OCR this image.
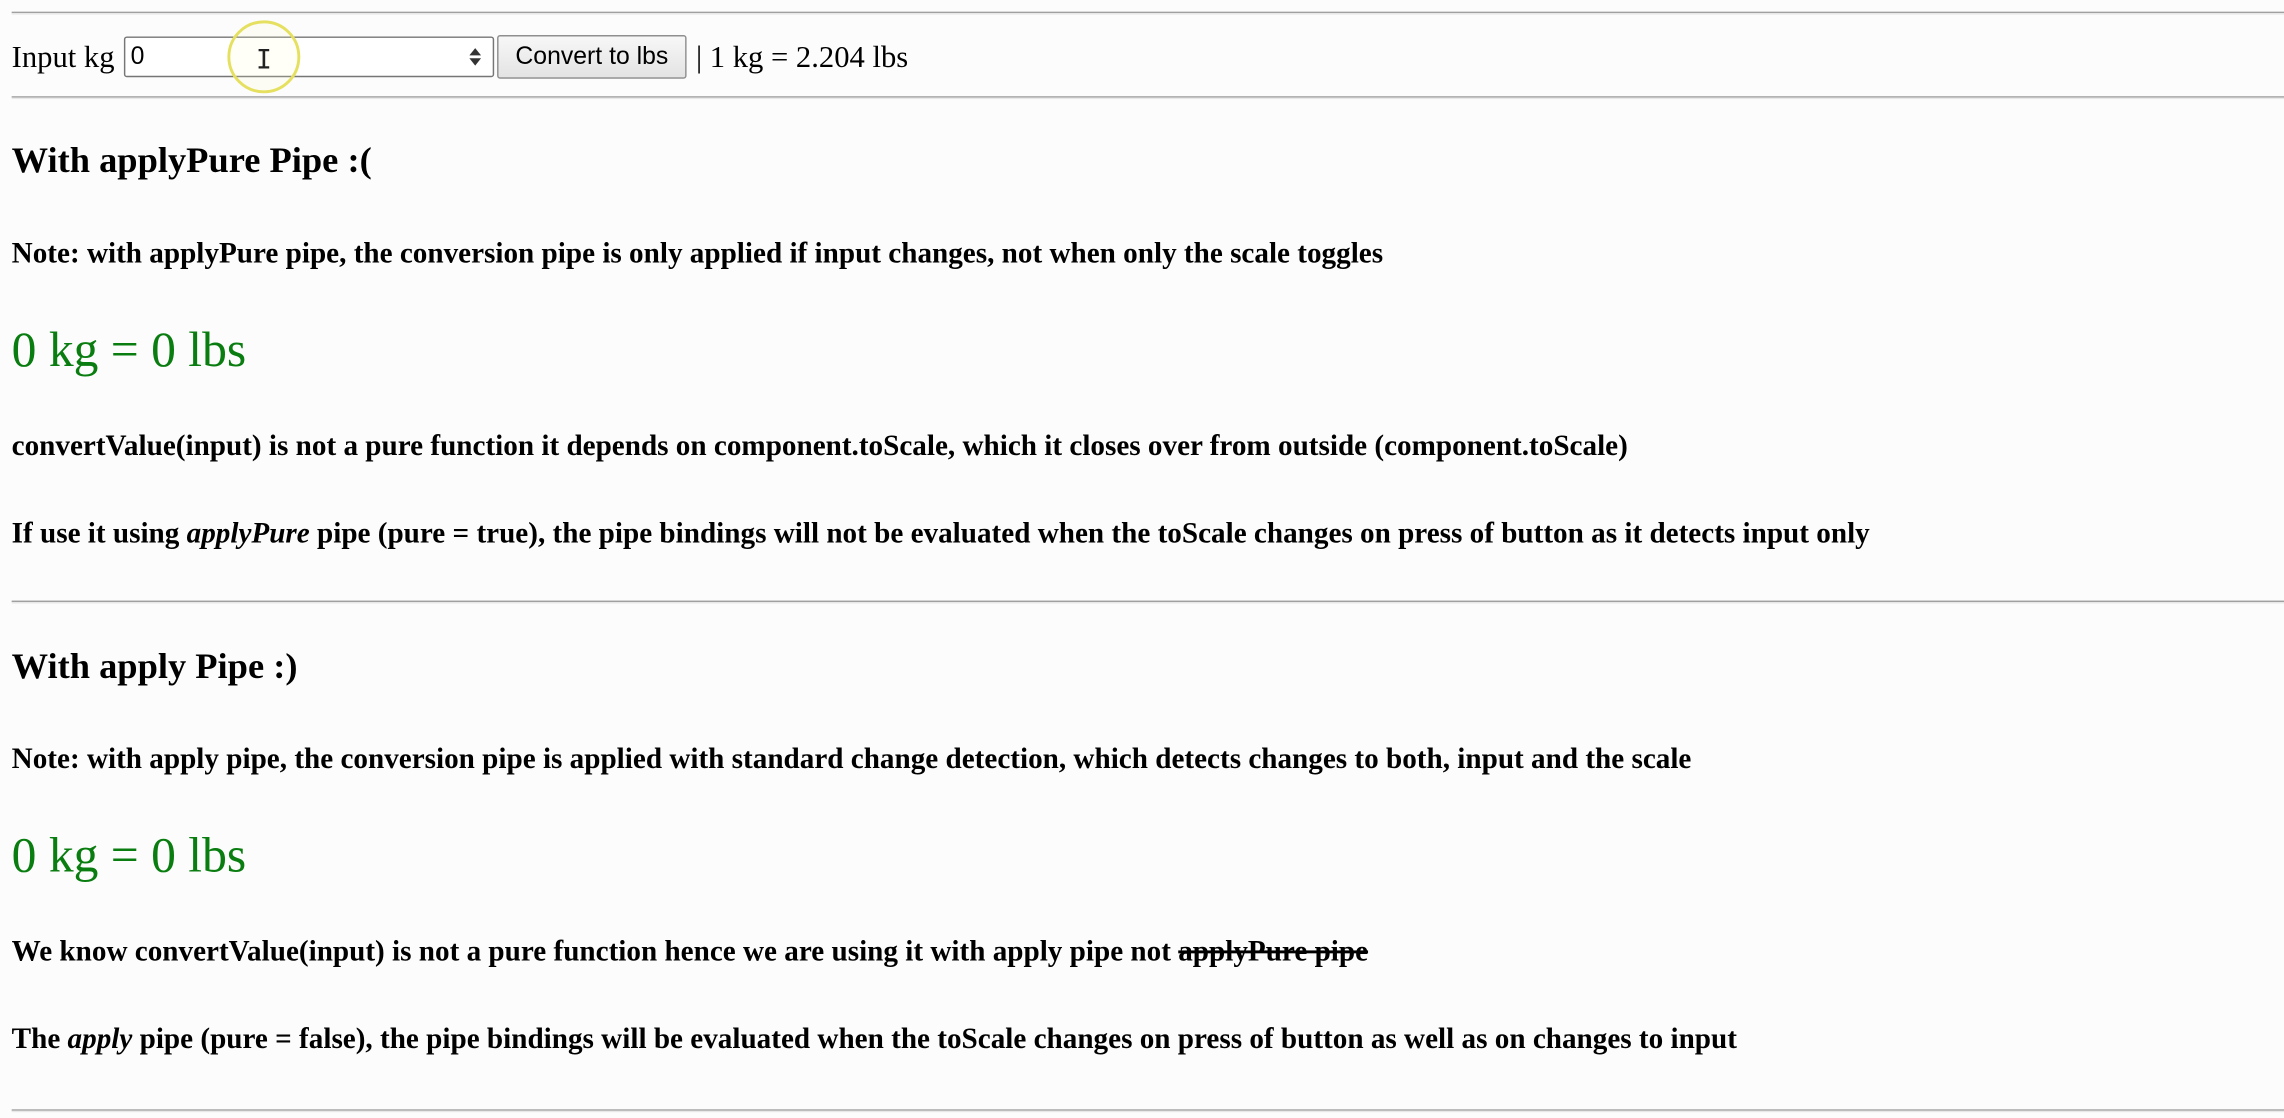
Input kg 0	I	Convert to lbs	| 1 kg = 2.204 lbs
With applyPure Pipe :(
Note: with applyPure pipe, the conversion pipe is only applied if input changes, not when only the scale toggles
0 kg = 0 lbs
convertValue(input) is not a pure function it depends on component.toScale, which it closes over from outside (component.toScale)
If use it using applyPure pipe (pure = true), the pipe bindings will not be evaluated when the toScale changes on press of button as it detects input only
With apply Pipe :)
Note: with apply pipe, the conversion pipe is applied with standard change detection, which detects changes to both, input and the scale
0 kg = 0 lbs
We know convertValue(input) is not a pure function hence we are using it with apply pipe not applyPure pipe
The apply pipe (pure = false), the pipe bindings will be evaluated when the toScale changes on press of button as well as on changes to input
